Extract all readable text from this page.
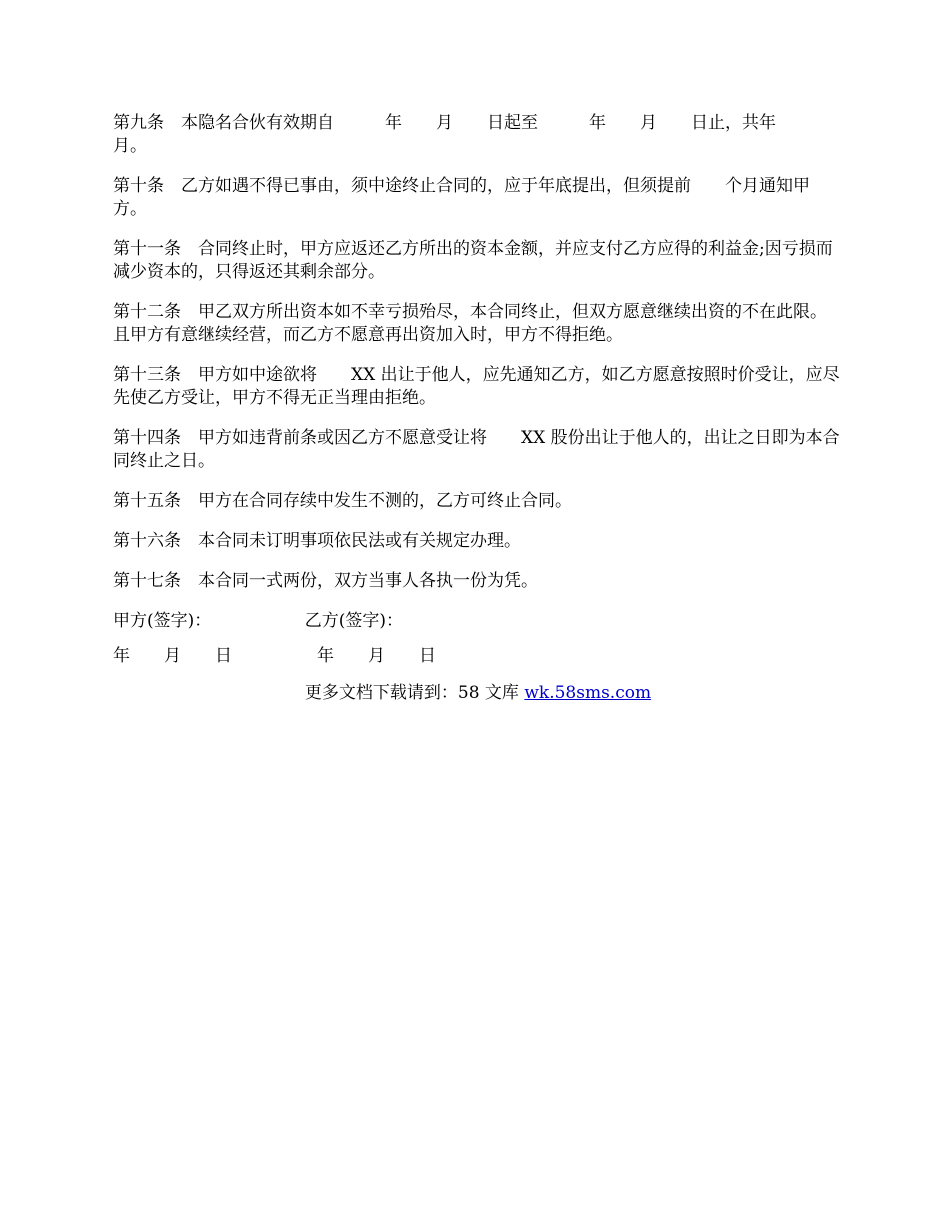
第九条　本隐名合伙有效期自　　　年　　月　　日起至　　　年　　月　　日止，共年　　月。

第十条　乙方如遇不得已事由，须中途终止合同的，应于年底提出，但须提前　　个月通知甲方。

第十一条　合同终止时，甲方应返还乙方所出的资本金额，并应支付乙方应得的利益金;因亏损而减少资本的，只得返还其剩余部分。

第十二条　甲乙双方所出资本如不幸亏损殆尽，本合同终止，但双方愿意继续出资的不在此限。且甲方有意继续经营，而乙方不愿意再出资加入时，甲方不得拒绝。

第十三条　甲方如中途欲将　　XX 出让于他人，应先通知乙方，如乙方愿意按照时价受让，应尽先使乙方受让，甲方不得无正当理由拒绝。

第十四条　甲方如违背前条或因乙方不愿意受让将　　XX 股份出让于他人的，出让之日即为本合同终止之日。

第十五条　甲方在合同存续中发生不测的，乙方可终止合同。

第十六条　本合同未订明事项依民法或有关规定办理。

第十七条　本合同一式两份，双方当事人各执一份为凭。

甲方(签字)：　　　　　　乙方(签字)：
年　　月　　日　　　　　年　　月　　日
更多文档下载请到：58 文库 wk.58sms.com
